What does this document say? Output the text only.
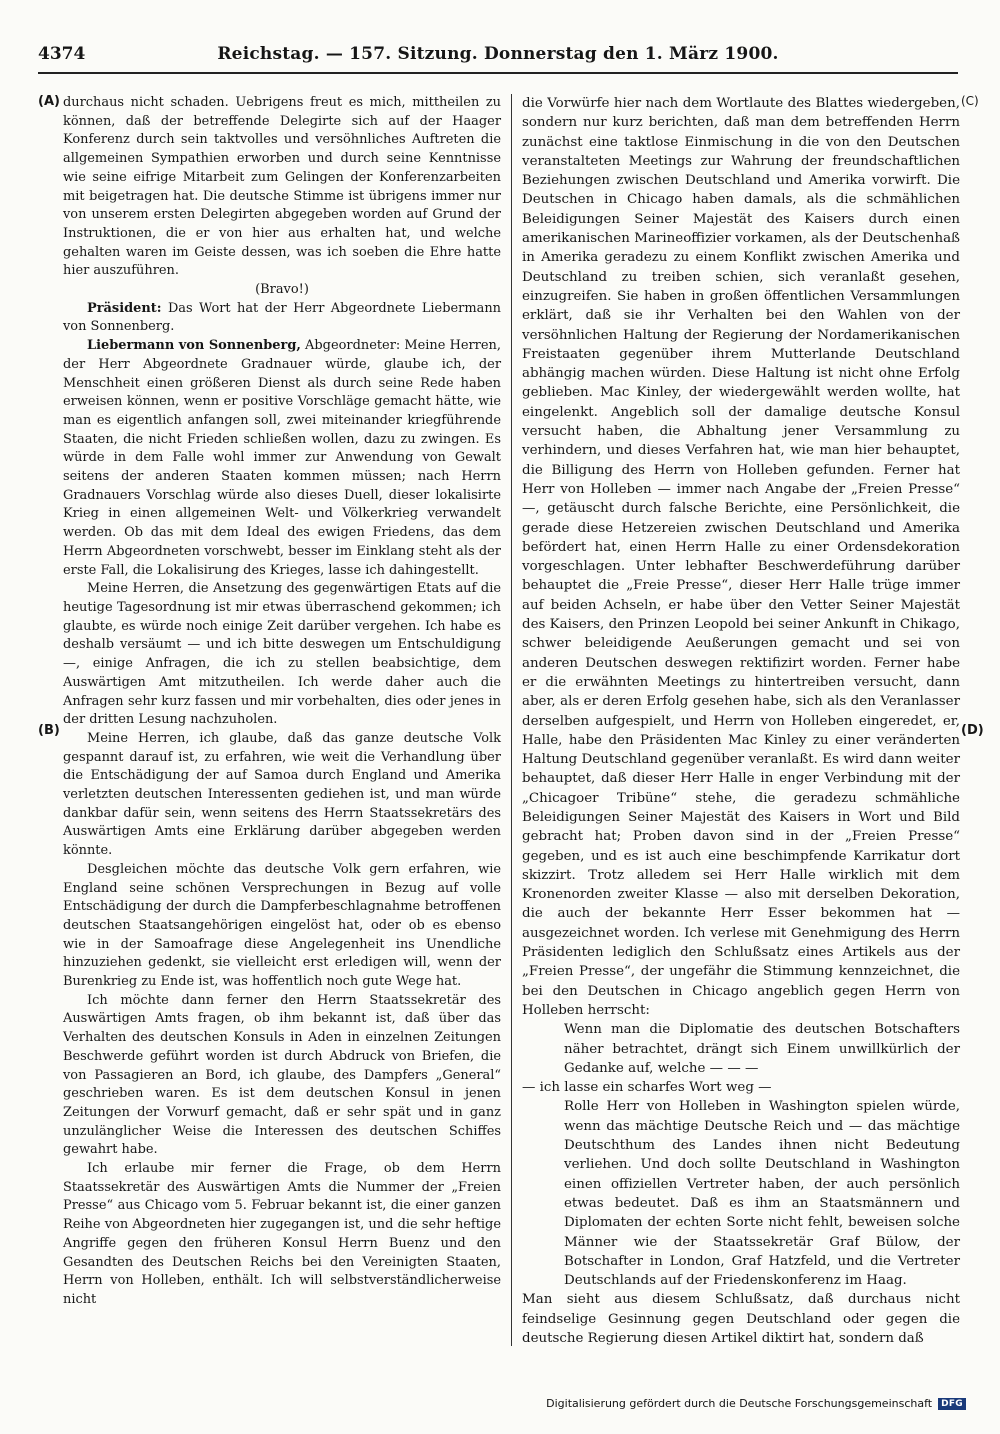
4374	Reichstag. — 157. Sitzung. Donnerstag den 1. März 1900.
(A)
(B)
(C)
(D)

durchaus nicht schaden. Uebrigens freut es mich, mittheilen zu können, daß der betreffende Delegirte sich auf der Haager Konferenz durch sein taktvolles und versöhnliches Auftreten die allgemeinen Sympathien erworben und durch seine Kenntnisse wie seine eifrige Mitarbeit zum Gelingen der Konferenzarbeiten mit beigetragen hat. Die deutsche Stimme ist übrigens immer nur von unserem ersten Delegirten abgegeben worden auf Grund der Instruktionen, die er von hier aus erhalten hat, und welche gehalten waren im Geiste dessen, was ich soeben die Ehre hatte hier auszuführen.

(Bravo!)

Präsident: Das Wort hat der Herr Abgeordnete Liebermann von Sonnenberg.

Liebermann von Sonnenberg, Abgeordneter: Meine Herren, der Herr Abgeordnete Gradnauer würde, glaube ich, der Menschheit einen größeren Dienst als durch seine Rede haben erweisen können, wenn er positive Vorschläge gemacht hätte, wie man es eigentlich anfangen soll, zwei miteinander kriegführende Staaten, die nicht Frieden schließen wollen, dazu zu zwingen. Es würde in dem Falle wohl immer zur Anwendung von Gewalt seitens der anderen Staaten kommen müssen; nach Herrn Gradnauers Vorschlag würde also dieses Duell, dieser lokalisirte Krieg in einen allgemeinen Welt- und Völkerkrieg verwandelt werden. Ob das mit dem Ideal des ewigen Friedens, das dem Herrn Abgeordneten vorschwebt, besser im Einklang steht als der erste Fall, die Lokalisirung des Krieges, lasse ich dahingestellt.

Meine Herren, die Ansetzung des gegenwärtigen Etats auf die heutige Tagesordnung ist mir etwas überraschend gekommen; ich glaubte, es würde noch einige Zeit darüber vergehen. Ich habe es deshalb versäumt — und ich bitte deswegen um Entschuldigung —, einige Anfragen, die ich zu stellen beabsichtige, dem Auswärtigen Amt mitzutheilen. Ich werde daher auch die Anfragen sehr kurz fassen und mir vorbehalten, dies oder jenes in der dritten Lesung nachzuholen.

Meine Herren, ich glaube, daß das ganze deutsche Volk gespannt darauf ist, zu erfahren, wie weit die Verhandlung über die Entschädigung der auf Samoa durch England und Amerika verletzten deutschen Interessenten gediehen ist, und man würde dankbar dafür sein, wenn seitens des Herrn Staatssekretärs des Auswärtigen Amts eine Erklärung darüber abgegeben werden könnte.

Desgleichen möchte das deutsche Volk gern erfahren, wie England seine schönen Versprechungen in Bezug auf volle Entschädigung der durch die Dampferbeschlagnahme betroffenen deutschen Staatsangehörigen eingelöst hat, oder ob es ebenso wie in der Samoafrage diese Angelegenheit ins Unendliche hinzuziehen gedenkt, sie vielleicht erst erledigen will, wenn der Burenkrieg zu Ende ist, was hoffentlich noch gute Wege hat.

Ich möchte dann ferner den Herrn Staatssekretär des Auswärtigen Amts fragen, ob ihm bekannt ist, daß über das Verhalten des deutschen Konsuls in Aden in einzelnen Zeitungen Beschwerde geführt worden ist durch Abdruck von Briefen, die von Passagieren an Bord, ich glaube, des Dampfers „General“ geschrieben waren. Es ist dem deutschen Konsul in jenen Zeitungen der Vorwurf gemacht, daß er sehr spät und in ganz unzulänglicher Weise die Interessen des deutschen Schiffes gewahrt habe.

Ich erlaube mir ferner die Frage, ob dem Herrn Staatssekretär des Auswärtigen Amts die Nummer der „Freien Presse“ aus Chicago vom 5. Februar bekannt ist, die einer ganzen Reihe von Abgeordneten hier zugegangen ist, und die sehr heftige Angriffe gegen den früheren Konsul Herrn Buenz und den Gesandten des Deutschen Reichs bei den Vereinigten Staaten, Herrn von Holleben, enthält. Ich will selbstverständlicherweise nicht

die Vorwürfe hier nach dem Wortlaute des Blattes wiedergeben, sondern nur kurz berichten, daß man dem betreffenden Herrn zunächst eine taktlose Einmischung in die von den Deutschen veranstalteten Meetings zur Wahrung der freundschaftlichen Beziehungen zwischen Deutschland und Amerika vorwirft. Die Deutschen in Chicago haben damals, als die schmählichen Beleidigungen Seiner Majestät des Kaisers durch einen amerikanischen Marineoffizier vorkamen, als der Deutschenhaß in Amerika geradezu zu einem Konflikt zwischen Amerika und Deutschland zu treiben schien, sich veranlaßt gesehen, einzugreifen. Sie haben in großen öffentlichen Versammlungen erklärt, daß sie ihr Verhalten bei den Wahlen von der versöhnlichen Haltung der Regierung der Nordamerikanischen Freistaaten gegenüber ihrem Mutterlande Deutschland abhängig machen würden. Diese Haltung ist nicht ohne Erfolg geblieben. Mac Kinley, der wiedergewählt werden wollte, hat eingelenkt. Angeblich soll der damalige deutsche Konsul versucht haben, die Abhaltung jener Versammlung zu verhindern, und dieses Verfahren hat, wie man hier behauptet, die Billigung des Herrn von Holleben gefunden. Ferner hat Herr von Holleben — immer nach Angabe der „Freien Presse“ —, getäuscht durch falsche Berichte, eine Persönlichkeit, die gerade diese Hetzereien zwischen Deutschland und Amerika befördert hat, einen Herrn Halle zu einer Ordensdekoration vorgeschlagen. Unter lebhafter Beschwerdeführung darüber behauptet die „Freie Presse“, dieser Herr Halle trüge immer auf beiden Achseln, er habe über den Vetter Seiner Majestät des Kaisers, den Prinzen Leopold bei seiner Ankunft in Chikago, schwer beleidigende Aeußerungen gemacht und sei von anderen Deutschen deswegen rektifizirt worden. Ferner habe er die erwähnten Meetings zu hintertreiben versucht, dann aber, als er deren Erfolg gesehen habe, sich als den Veranlasser derselben aufgespielt, und Herrn von Holleben eingeredet, er, Halle, habe den Präsidenten Mac Kinley zu einer veränderten Haltung Deutschland gegenüber veranlaßt. Es wird dann weiter behauptet, daß dieser Herr Halle in enger Verbindung mit der „Chicagoer Tribüne“ stehe, die geradezu schmähliche Beleidigungen Seiner Majestät des Kaisers in Wort und Bild gebracht hat; Proben davon sind in der „Freien Presse“ gegeben, und es ist auch eine beschimpfende Karrikatur dort skizzirt. Trotz alledem sei Herr Halle wirklich mit dem Kronenorden zweiter Klasse — also mit derselben Dekoration, die auch der bekannte Herr Esser bekommen hat — ausgezeichnet worden. Ich verlese mit Genehmigung des Herrn Präsidenten lediglich den Schlußsatz eines Artikels aus der „Freien Presse“, der ungefähr die Stimmung kennzeichnet, die bei den Deutschen in Chicago angeblich gegen Herrn von Holleben herrscht:

Wenn man die Diplomatie des deutschen Botschafters näher betrachtet, drängt sich Einem unwillkürlich der Gedanke auf, welche — — —

— ich lasse ein scharfes Wort weg —

Rolle Herr von Holleben in Washington spielen würde, wenn das mächtige Deutsche Reich und — das mächtige Deutschthum des Landes ihnen nicht Bedeutung verliehen. Und doch sollte Deutschland in Washington einen offiziellen Vertreter haben, der auch persönlich etwas bedeutet. Daß es ihm an Staatsmännern und Diplomaten der echten Sorte nicht fehlt, beweisen solche Männer wie der Staatssekretär Graf Bülow, der Botschafter in London, Graf Hatzfeld, und die Vertreter Deutschlands auf der Friedenskonferenz im Haag.

Man sieht aus diesem Schlußsatz, daß durchaus nicht feindselige Gesinnung gegen Deutschland oder gegen die deutsche Regierung diesen Artikel diktirt hat, sondern daß

Digitalisierung gefördert durch die Deutsche Forschungsgemeinschaft	DFG
